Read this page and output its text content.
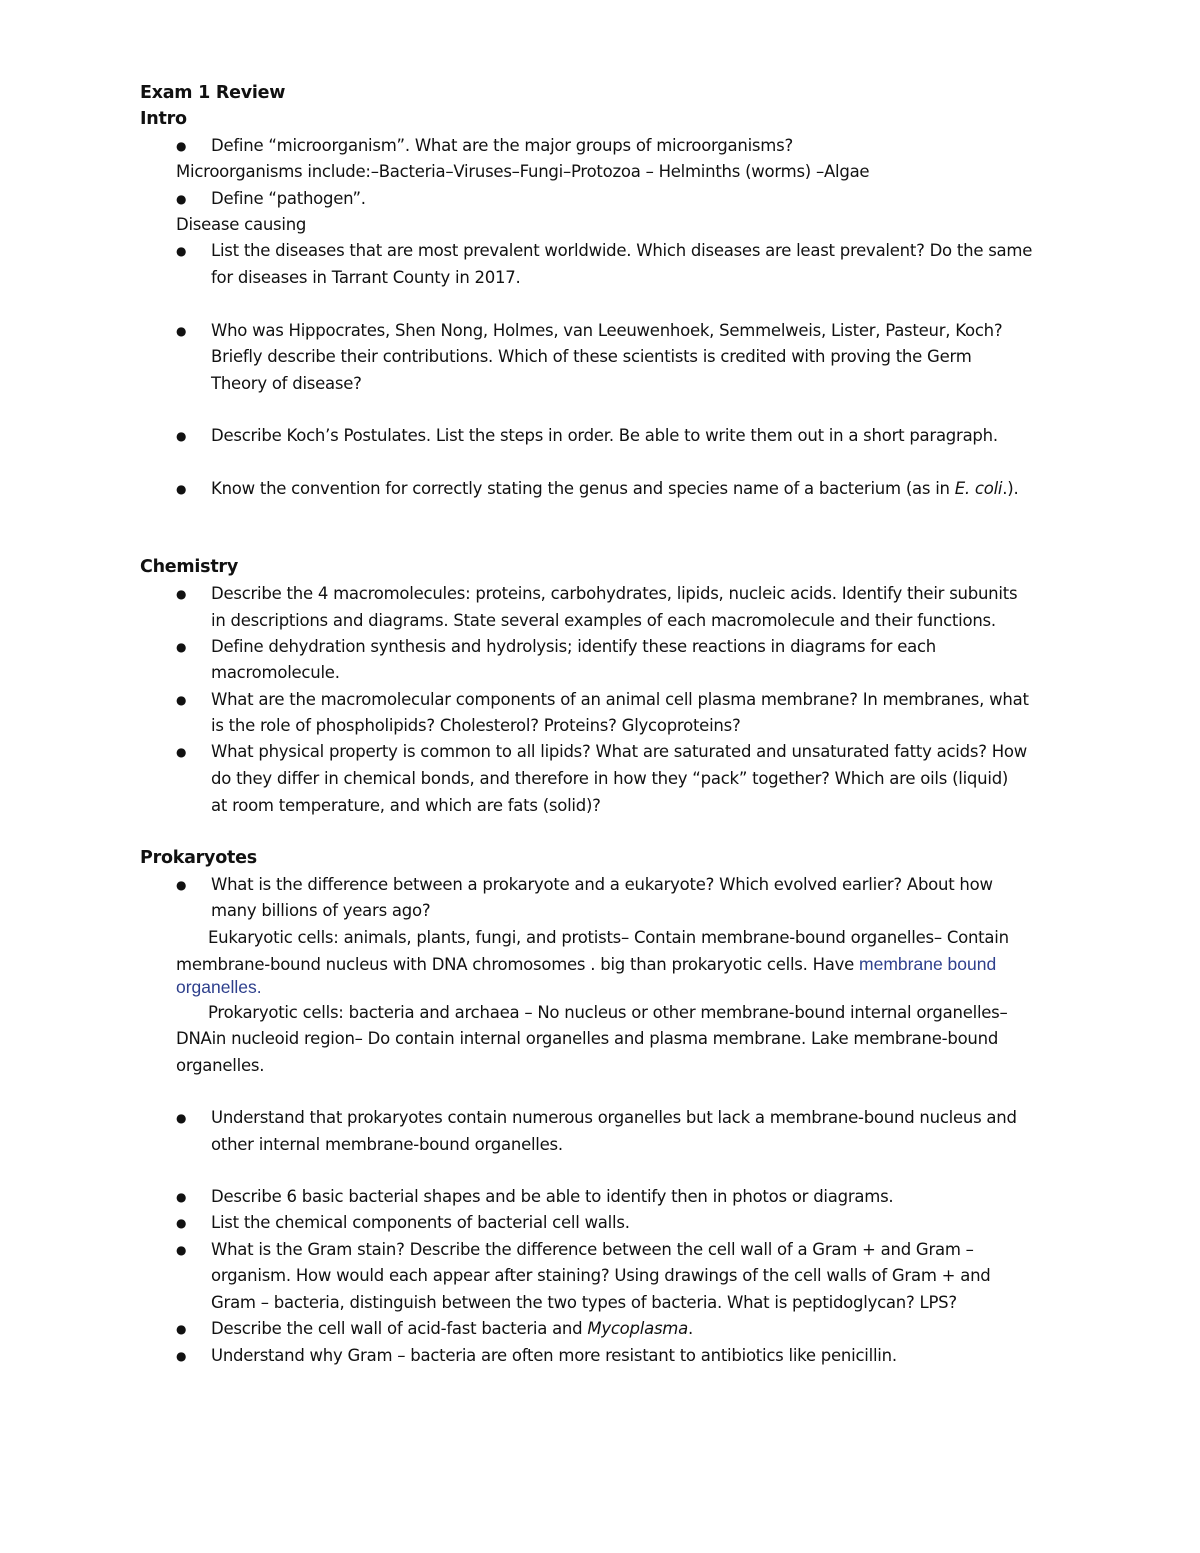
Exam 1 Review
Intro
● Define “microorganism”. What are the major groups of microorganisms?
Microorganisms include:–Bacteria–Viruses–Fungi–Protozoa – Helminths (worms) –Algae
● Define “pathogen”.
Disease causing
● List the diseases that are most prevalent worldwide. Which diseases are least prevalent? Do the same
for diseases in Tarrant County in 2017.
● Who was Hippocrates, Shen Nong, Holmes, van Leeuwenhoek, Semmelweis, Lister, Pasteur, Koch?
Briefly describe their contributions. Which of these scientists is credited with proving the Germ
Theory of disease?
● Describe Koch’s Postulates. List the steps in order. Be able to write them out in a short paragraph.
● Know the convention for correctly stating the genus and species name of a bacterium (as in E. coli.).
Chemistry
● Describe the 4 macromolecules: proteins, carbohydrates, lipids, nucleic acids. Identify their subunits
in descriptions and diagrams. State several examples of each macromolecule and their functions.
● Define dehydration synthesis and hydrolysis; identify these reactions in diagrams for each
macromolecule.
● What are the macromolecular components of an animal cell plasma membrane? In membranes, what
is the role of phospholipids? Cholesterol? Proteins? Glycoproteins?
● What physical property is common to all lipids? What are saturated and unsaturated fatty acids? How
do they differ in chemical bonds, and therefore in how they “pack” together? Which are oils (liquid)
at room temperature, and which are fats (solid)?
Prokaryotes
● What is the difference between a prokaryote and a eukaryote? Which evolved earlier? About how
many billions of years ago?
Eukaryotic cells: animals, plants, fungi, and protists– Contain membrane-bound organelles– Contain
membrane-bound nucleus with DNA chromosomes . big than prokaryotic cells. Have membrane bound
organelles.
Prokaryotic cells: bacteria and archaea – No nucleus or other membrane-bound internal organelles–
DNAin nucleoid region– Do contain internal organelles and plasma membrane. Lake membrane-bound
organelles.
● Understand that prokaryotes contain numerous organelles but lack a membrane-bound nucleus and
other internal membrane-bound organelles.
● Describe 6 basic bacterial shapes and be able to identify then in photos or diagrams.
● List the chemical components of bacterial cell walls.
● What is the Gram stain? Describe the difference between the cell wall of a Gram + and Gram –
organism. How would each appear after staining? Using drawings of the cell walls of Gram + and
Gram – bacteria, distinguish between the two types of bacteria. What is peptidoglycan? LPS?
● Describe the cell wall of acid-fast bacteria and Mycoplasma.
● Understand why Gram – bacteria are often more resistant to antibiotics like penicillin.
